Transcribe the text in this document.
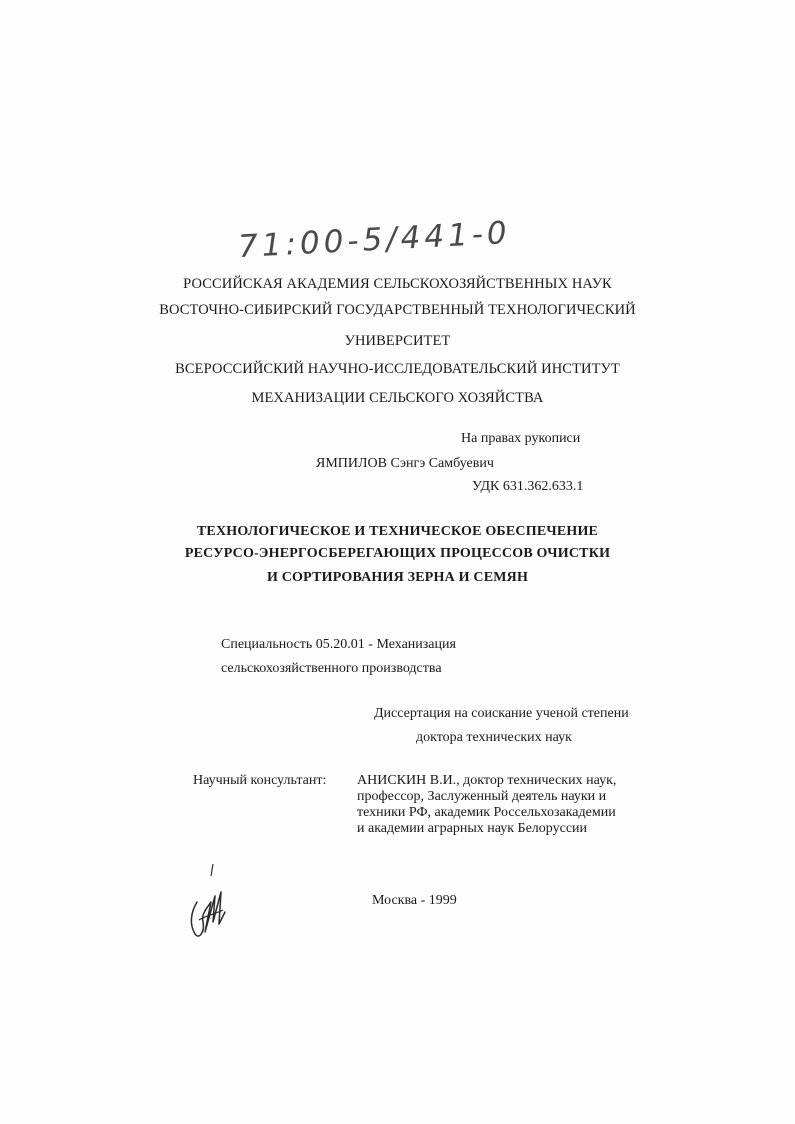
71:00-5/441-0
РОССИЙСКАЯ АКАДЕМИЯ СЕЛЬСКОХОЗЯЙСТВЕННЫХ НАУК
ВОСТОЧНО-СИБИРСКИЙ ГОСУДАРСТВЕННЫЙ ТЕХНОЛОГИЧЕСКИЙ
УНИВЕРСИТЕТ
ВСЕРОССИЙСКИЙ НАУЧНО-ИССЛЕДОВАТЕЛЬСКИЙ ИНСТИТУТ
МЕХАНИЗАЦИИ СЕЛЬСКОГО ХОЗЯЙСТВА
На правах рукописи
ЯМПИЛОВ Сэнгэ Самбуевич
УДК 631.362.633.1
ТЕХНОЛОГИЧЕСКОЕ И ТЕХНИЧЕСКОЕ ОБЕСПЕЧЕНИЕ
РЕСУРСО-ЭНЕРГОСБЕРЕГАЮЩИХ ПРОЦЕССОВ ОЧИСТКИ
И СОРТИРОВАНИЯ ЗЕРНА И СЕМЯН
Специальность 05.20.01 - Механизация
сельскохозяйственного производства
Диссертация на соискание ученой степени
доктора технических наук
Научный консультант: АНИСКИН В.И., доктор технических наук,
профессор, Заслуженный деятель науки и
техники РФ, академик Россельхозакадемии
и академии аграрных наук Белоруссии
Москва - 1999
